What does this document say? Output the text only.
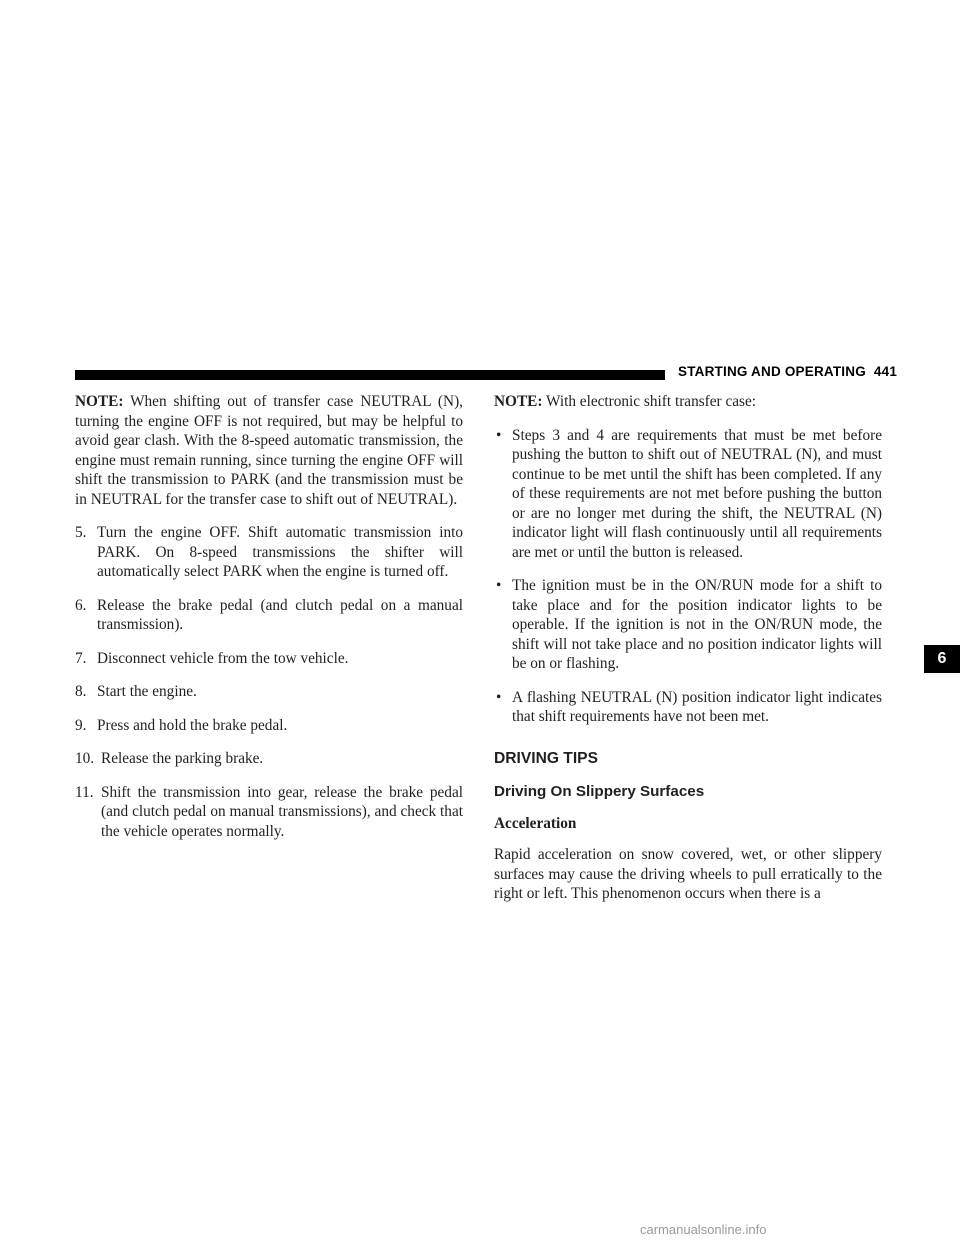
STARTING AND OPERATING 441

NOTE: When shifting out of transfer case NEUTRAL (N), turning the engine OFF is not required, but may be helpful to avoid gear clash. With the 8-speed automatic transmission, the engine must remain running, since turning the engine OFF will shift the transmission to PARK (and the transmission must be in NEUTRAL for the transfer case to shift out of NEUTRAL).

5. Turn the engine OFF. Shift automatic transmission into PARK. On 8-speed transmissions the shifter will automatically select PARK when the engine is turned off.
6. Release the brake pedal (and clutch pedal on a manual transmission).
7. Disconnect vehicle from the tow vehicle.
8. Start the engine.
9. Press and hold the brake pedal.
10. Release the parking brake.
11. Shift the transmission into gear, release the brake pedal (and clutch pedal on manual transmissions), and check that the vehicle operates normally.

NOTE: With electronic shift transfer case:

• Steps 3 and 4 are requirements that must be met before pushing the button to shift out of NEUTRAL (N), and must continue to be met until the shift has been completed. If any of these requirements are not met before pushing the button or are no longer met during the shift, the NEUTRAL (N) indicator light will flash continuously until all requirements are met or until the button is released.
• The ignition must be in the ON/RUN mode for a shift to take place and for the position indicator lights to be operable. If the ignition is not in the ON/RUN mode, the shift will not take place and no position indicator lights will be on or flashing.
• A flashing NEUTRAL (N) position indicator light indicates that shift requirements have not been met.
DRIVING TIPS
Driving On Slippery Surfaces
Acceleration

Rapid acceleration on snow covered, wet, or other slippery surfaces may cause the driving wheels to pull erratically to the right or left. This phenomenon occurs when there is a

6
carmanualsonline.info
